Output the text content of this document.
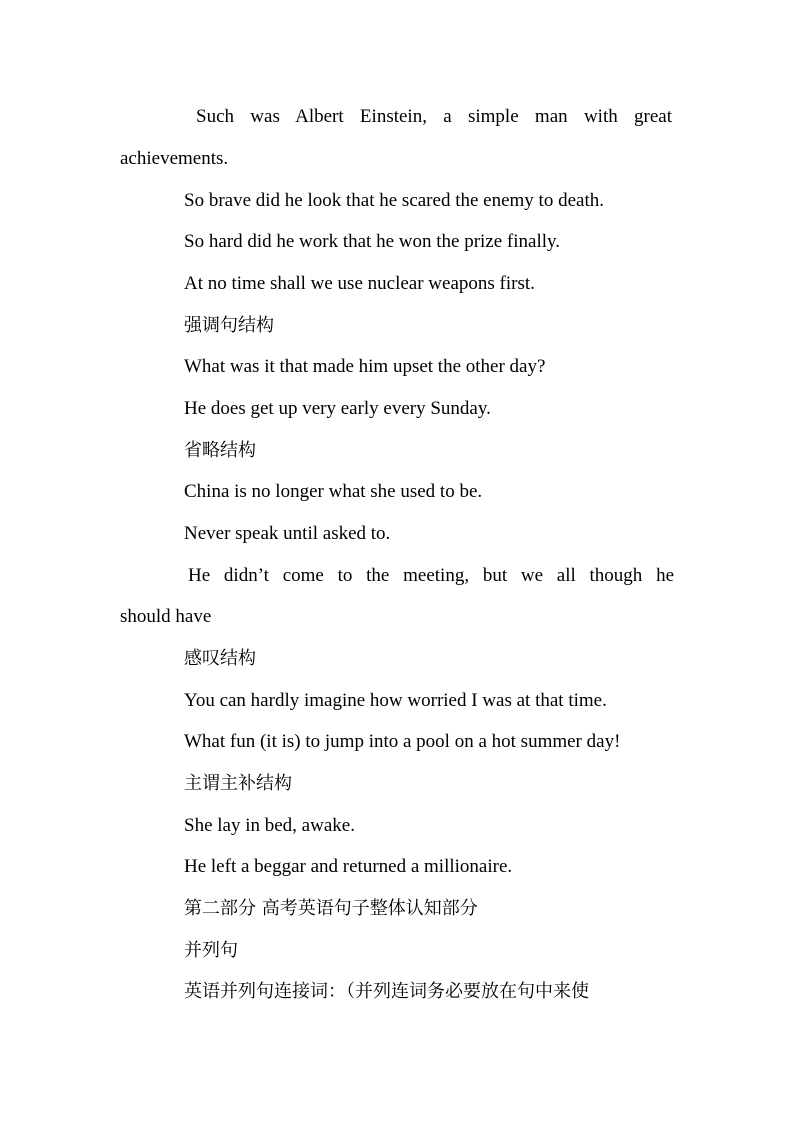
Such was Albert Einstein, a simple man with great
achievements.
So brave did he look that he scared the enemy to death.
So hard did he work that he won the prize finally.
At no time shall we use nuclear weapons first.
强调句结构
What was it that made him upset the other day?
He does get up very early every Sunday.
省略结构
China is no longer what she used to be.
Never speak until asked to.
He didn’t come to the meeting, but we all though he
should have
感叹结构
You can hardly imagine how worried I was at that time.
What fun (it is) to jump into a pool on a hot summer day!
主谓主补结构
She lay in bed, awake.
He left a beggar and returned a millionaire.
第二部分 高考英语句子整体认知部分
并列句
英语并列句连接词：（并列连词务必要放在句中来使
